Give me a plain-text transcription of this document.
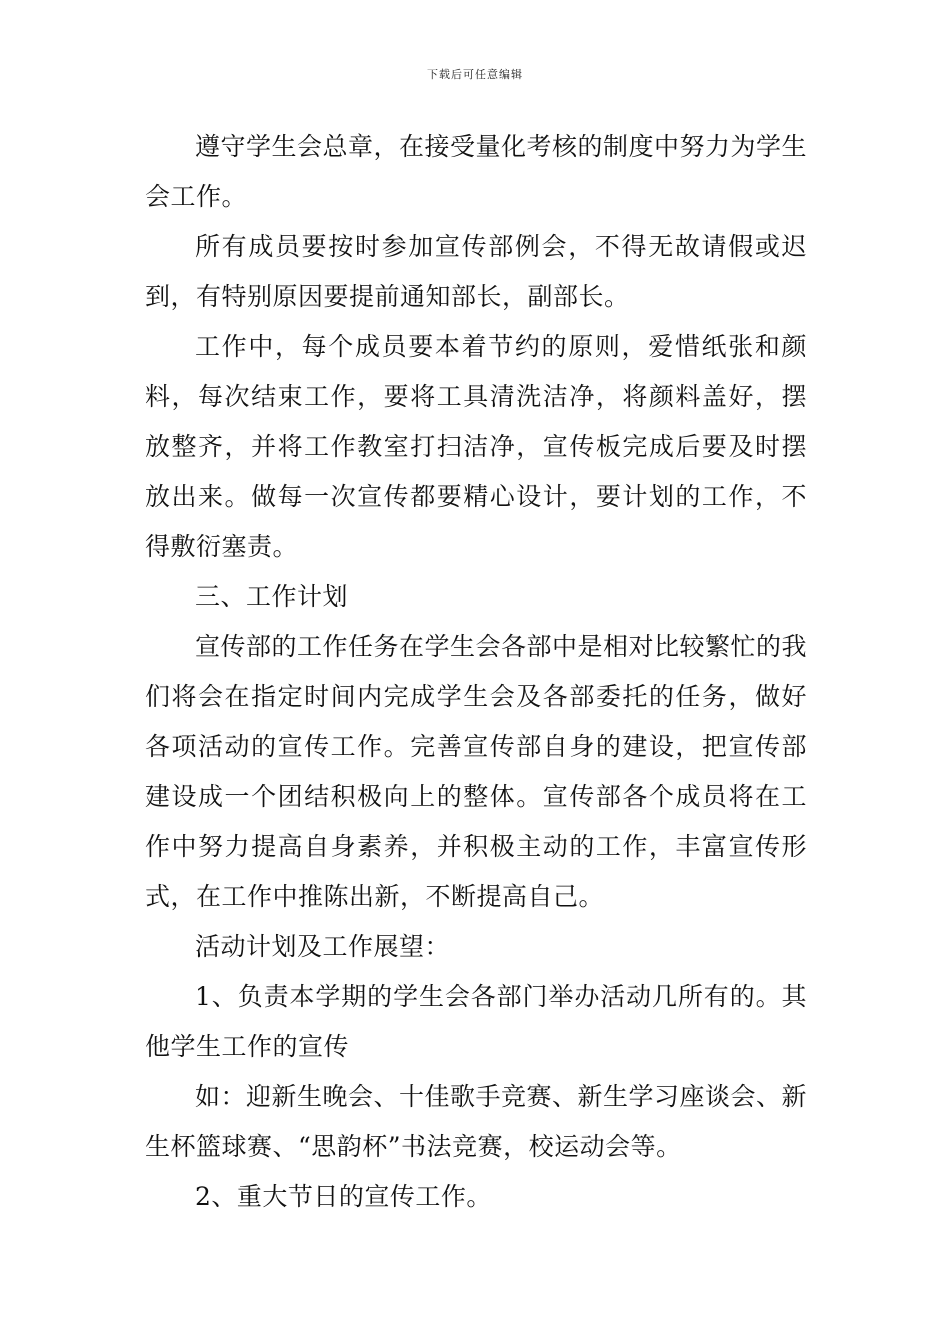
下载后可任意编辑

遵守学生会总章，在接受量化考核的制度中努力为学生会工作。

所有成员要按时参加宣传部例会，不得无故请假或迟到，有特别原因要提前通知部长，副部长。

工作中，每个成员要本着节约的原则，爱惜纸张和颜料，每次结束工作，要将工具清洗洁净，将颜料盖好，摆放整齐，并将工作教室打扫洁净，宣传板完成后要及时摆放出来。做每一次宣传都要精心设计，要计划的工作，不得敷衍塞责。

三、工作计划

宣传部的工作任务在学生会各部中是相对比较繁忙的我们将会在指定时间内完成学生会及各部委托的任务，做好各项活动的宣传工作。完善宣传部自身的建设，把宣传部建设成一个团结积极向上的整体。宣传部各个成员将在工作中努力提高自身素养，并积极主动的工作，丰富宣传形式，在工作中推陈出新，不断提高自己。

活动计划及工作展望：

1、负责本学期的学生会各部门举办活动几所有的。其他学生工作的宣传

如：迎新生晚会、十佳歌手竞赛、新生学习座谈会、新生杯篮球赛、“思韵杯”书法竞赛，校运动会等。

2、重大节日的宣传工作。
